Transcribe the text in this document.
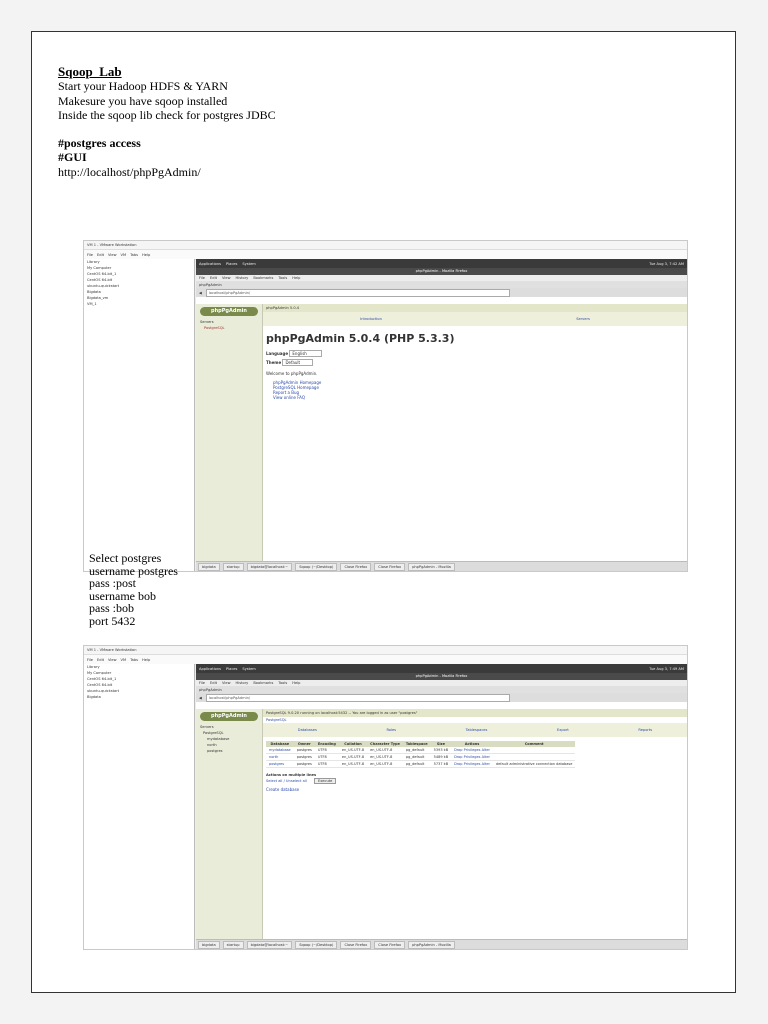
Sqoop_Lab
Start your Hadoop HDFS & YARN
Makesure you have sqoop installed
Inside the sqoop lib check for postgres JDBC
#postgres access
#GUI
http://localhost/phpPgAdmin/
VM 1 - VMware Workstation
File Edit View VM Tabs Help
Library
My Computer
CentOS 64-bit_1
CentOS 64-bit
ubuntu-quickstart
Bigdata
Bigdata_vm
VM_1
Applications Places System	Tue Aug 3, 7:42 AM
phpPgAdmin - Mozilla Firefox
File Edit View History Bookmarks Tools Help
phpPgAdmin
◀	localhost/phpPgAdmin/
phpPgAdmin
Servers
PostgreSQL
phpPgAdmin 5.0.4
Introduction	Servers
phpPgAdmin 5.0.4 (PHP 5.3.3)
Language English
Theme Default
Welcome to phpPgAdmin.
phpPgAdmin Homepage
PostgreSQL Homepage
Report a Bug
View online FAQ
bigdata	startup	bigdata@localhost:~	Sqoop (~/Desktop)	Close Firefox	Close Firefox	phpPgAdmin - Mozilla
Select postgres
username postgres
pass :post
username bob
pass :bob
port 5432
VM 1 - VMware Workstation
File Edit View VM Tabs Help
Library
My Computer
CentOS 64-bit_1
CentOS 64-bit
ubuntu-quickstart
Bigdata
Applications Places System	Tue Aug 3, 7:49 AM
phpPgAdmin - Mozilla Firefox
File Edit View History Bookmarks Tools Help
phpPgAdmin
◀	localhost/phpPgAdmin/
phpPgAdmin
Servers
PostgreSQL
mydatabase
north
postgres
PostgreSQL 9.0.20 running on localhost:5432 -- You are logged in as user "postgres"
PostgreSQL
Databases	Roles	Tablespaces	Export	Reports
Database	Owner	Encoding	Collation	Character Type	Tablespace	Size	Actions	Comment
mydatabase	postgres	UTF8	en_US.UTF-8	en_US.UTF-8	pg_default	5393 kB	Drop Privileges Alter	
north	postgres	UTF8	en_US.UTF-8	en_US.UTF-8	pg_default	5489 kB	Drop Privileges Alter	
postgres	postgres	UTF8	en_US.UTF-8	en_US.UTF-8	pg_default	5737 kB	Drop Privileges Alter	default administrative connection database
Actions on multiple lines
Select all / Unselect all	Execute
Create database
bigdata	startup	bigdata@localhost:~	Sqoop (~/Desktop)	Close Firefox	Close Firefox	phpPgAdmin - Mozilla
